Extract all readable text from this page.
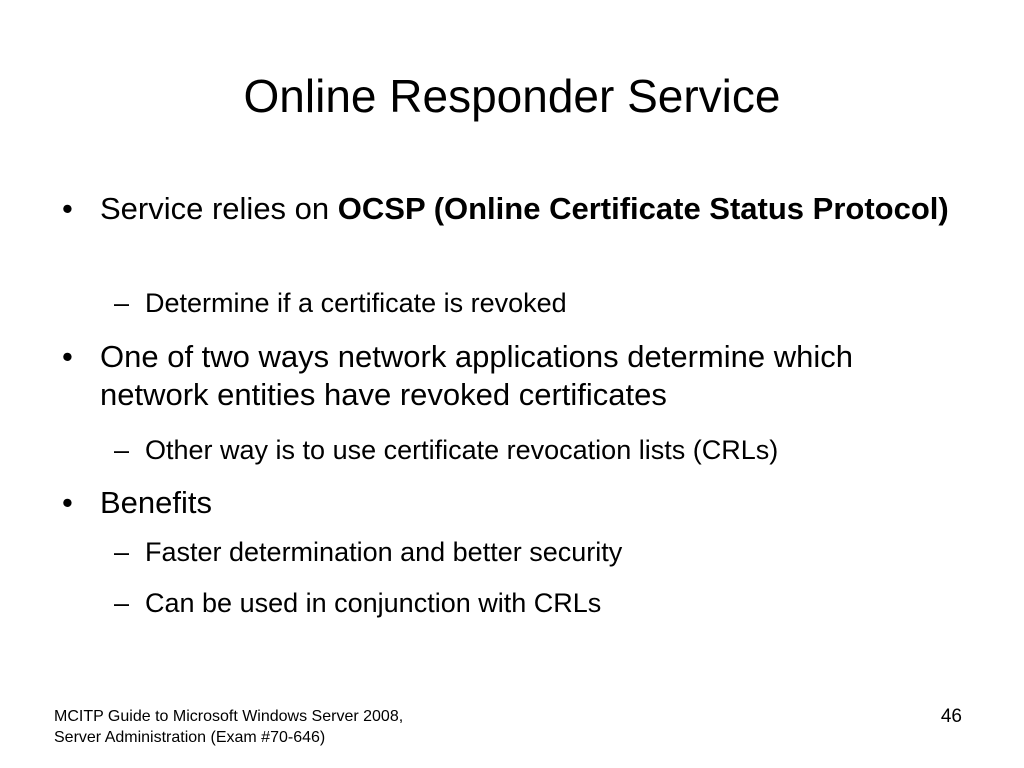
Online Responder Service
• Service relies on OCSP (Online Certificate Status Protocol)
– Determine if a certificate is revoked
• One of two ways network applications determine which network entities have revoked certificates
– Other way is to use certificate revocation lists (CRLs)
• Benefits
– Faster determination and better security
– Can be used in conjunction with CRLs
MCITP Guide to Microsoft Windows Server 2008,
Server Administration (Exam #70-646)
46
